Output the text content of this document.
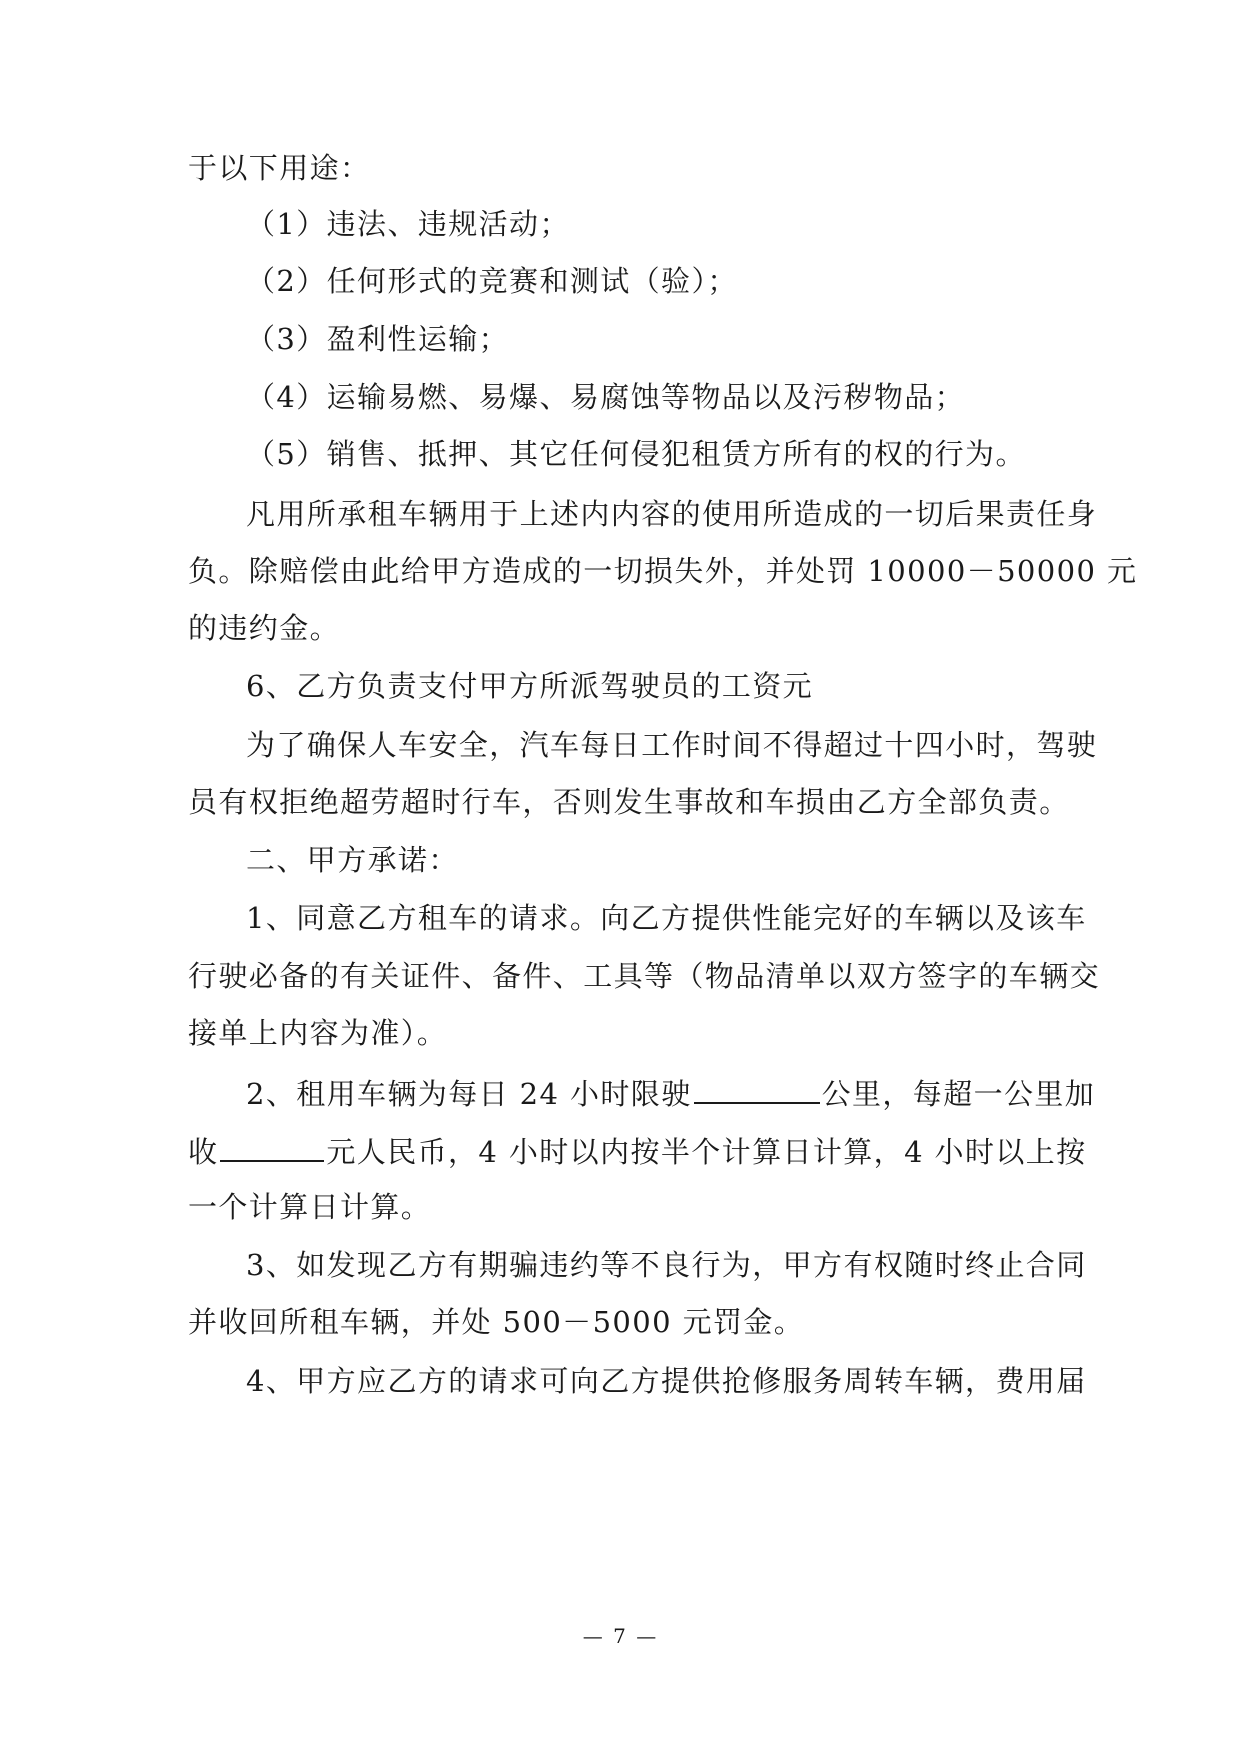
于以下用途：
（1）违法、违规活动；
（2）任何形式的竞赛和测试（验）；
（3）盈利性运输；
（4）运输易燃、易爆、易腐蚀等物品以及污秽物品；
（5）销售、抵押、其它任何侵犯租赁方所有的权的行为。
凡用所承租车辆用于上述内内容的使用所造成的一切后果责任身
负。除赔偿由此给甲方造成的一切损失外，并处罚 10000－50000 元
的违约金。
6、乙方负责支付甲方所派驾驶员的工资元
为了确保人车安全，汽车每日工作时间不得超过十四小时，驾驶
员有权拒绝超劳超时行车，否则发生事故和车损由乙方全部负责。
二、甲方承诺：
1、同意乙方租车的请求。向乙方提供性能完好的车辆以及该车
行驶必备的有关证件、备件、工具等（物品清单以双方签字的车辆交
接单上内容为准）。
2、租用车辆为每日 24 小时限驶	公里，每超一公里加
收	元人民币，4 小时以内按半个计算日计算，4 小时以上按
一个计算日计算。
3、如发现乙方有期骗违约等不良行为，甲方有权随时终止合同
并收回所租车辆，并处 500－5000 元罚金。
4、甲方应乙方的请求可向乙方提供抢修服务周转车辆，费用届
— 7 —
